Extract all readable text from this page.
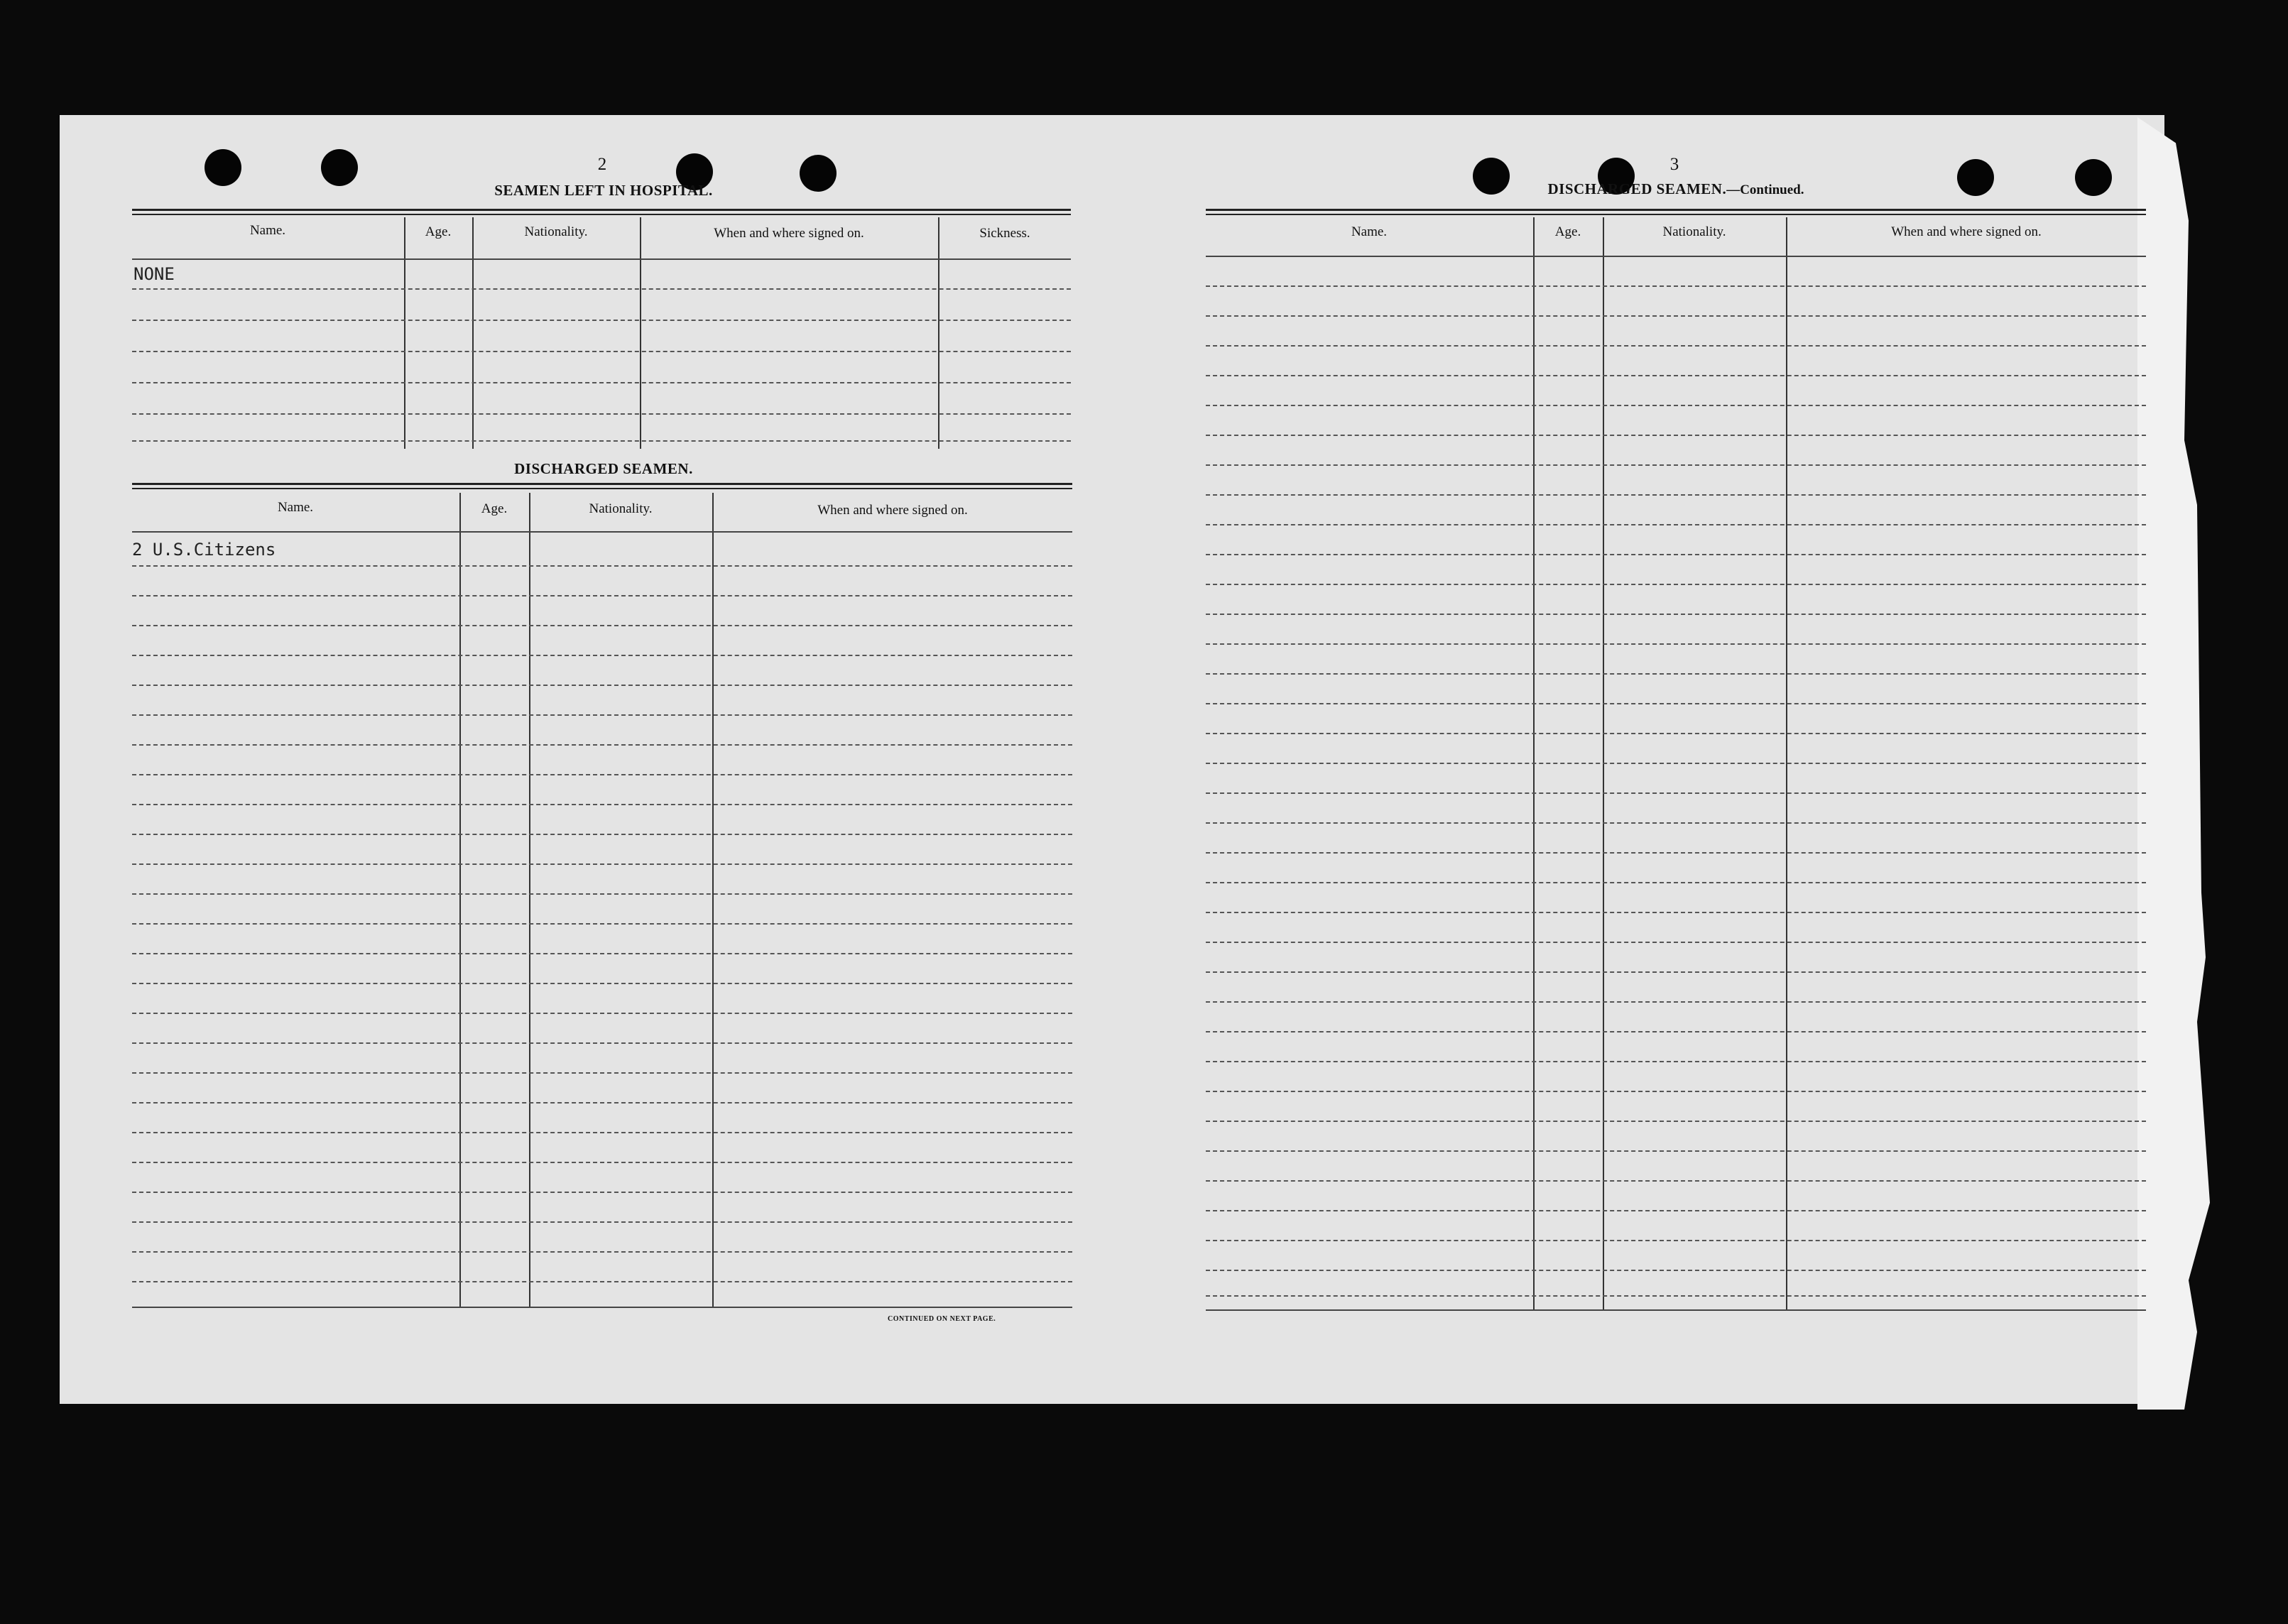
2
SEAMEN LEFT IN HOSPITAL.
Name.	Age.	Nationality.	When and where signed on.	Sickness.
NONE
DISCHARGED SEAMEN.
Name.	Age.	Nationality.	When and where signed on.
2 U.S.Citizens
CONTINUED ON NEXT PAGE.
3
DISCHARGED SEAMEN.—Continued.
Name.	Age.	Nationality.	When and where signed on.
